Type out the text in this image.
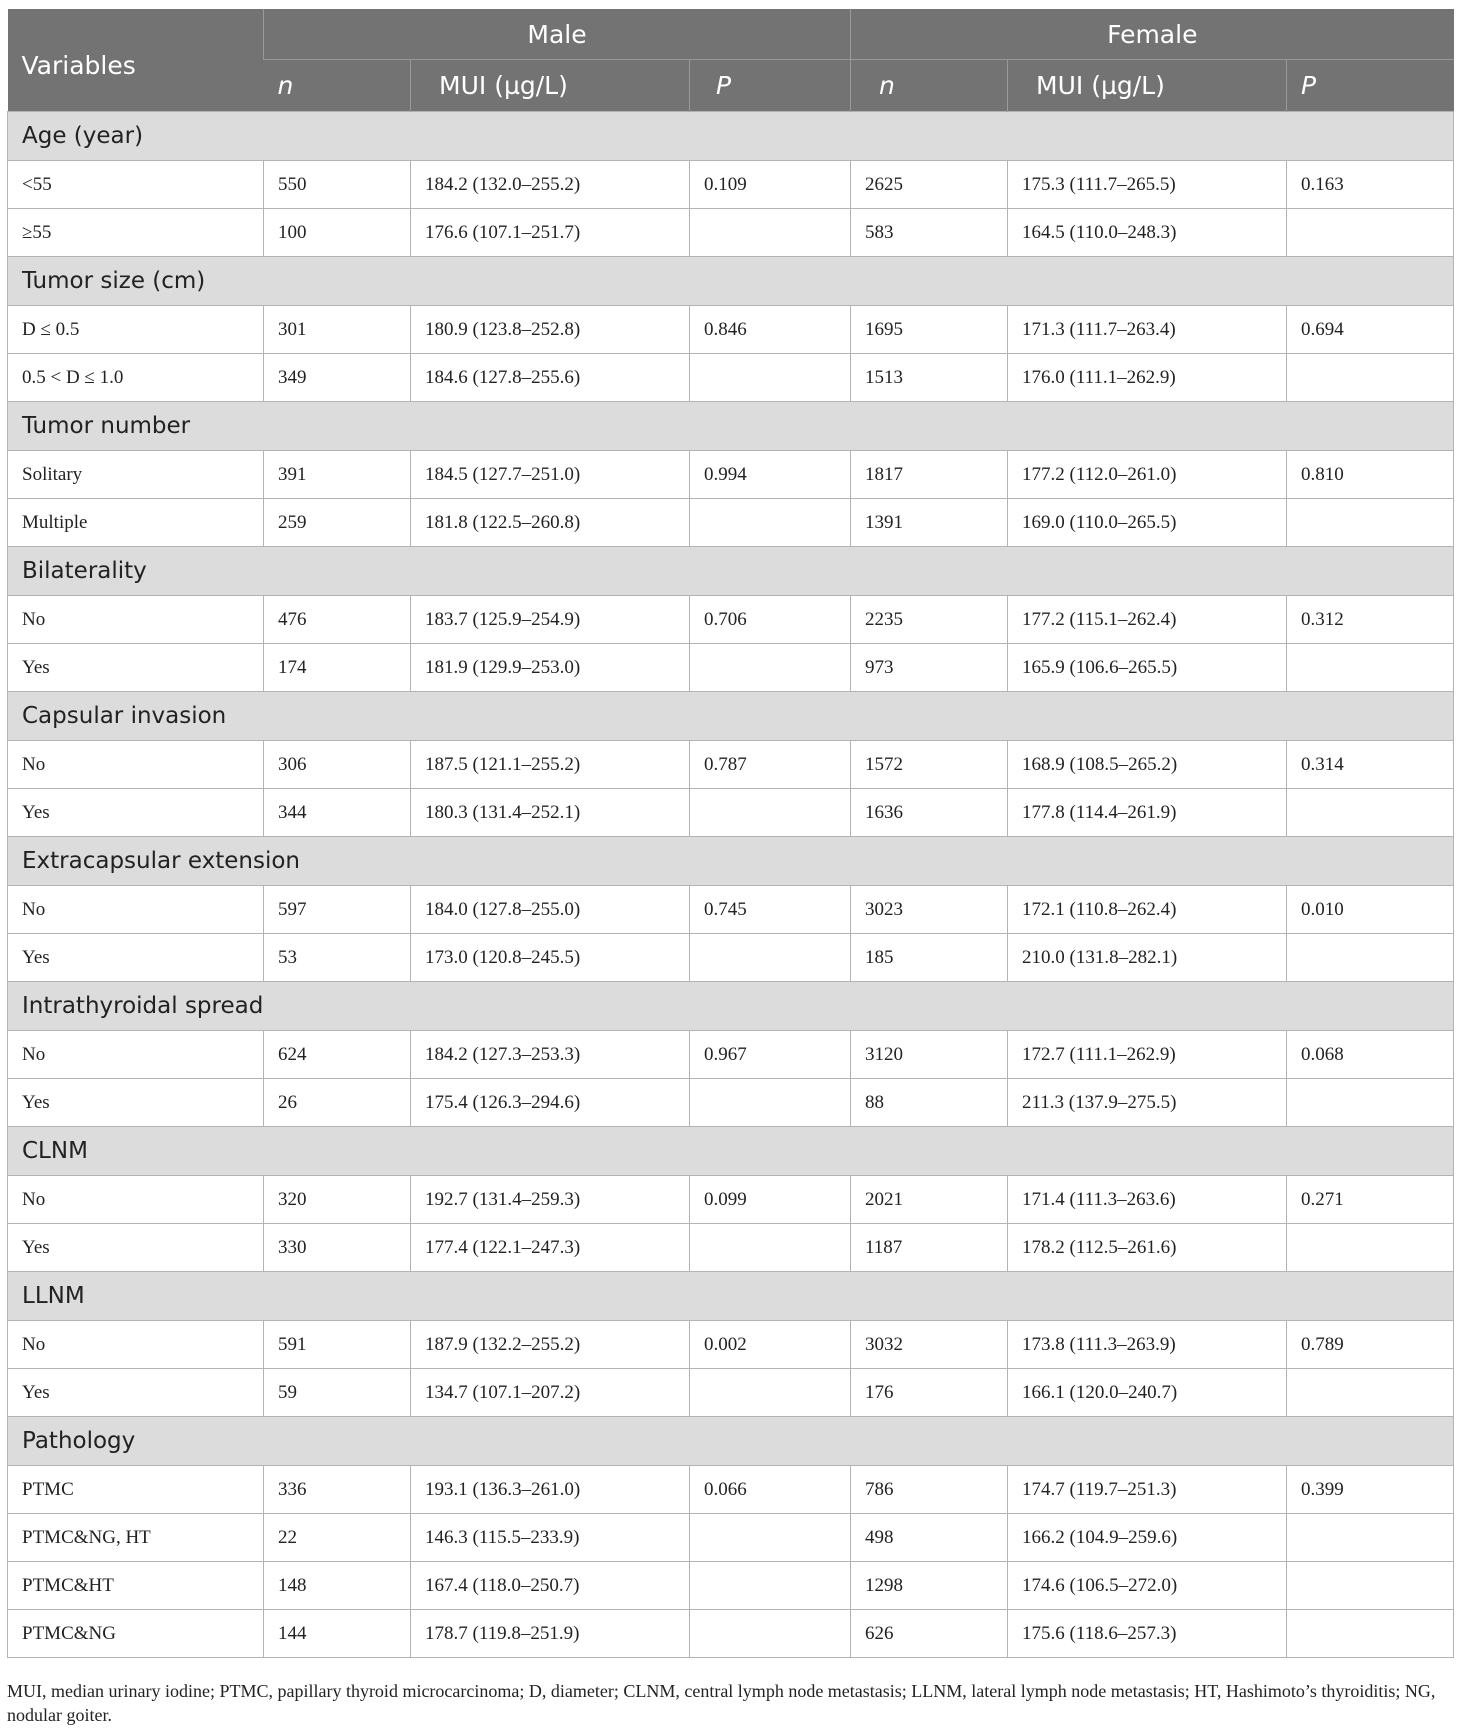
Variables	Male			Female		
	n	MUI (µg/L)	P	n	MUI (µg/L)	P
Age (year)						
<55	550	184.2 (132.0–255.2)	0.109	2625	175.3 (111.7–265.5)	0.163
≥55	100	176.6 (107.1–251.7)		583	164.5 (110.0–248.3)	
Tumor size (cm)						
D ≤ 0.5	301	180.9 (123.8–252.8)	0.846	1695	171.3 (111.7–263.4)	0.694
0.5 < D ≤ 1.0	349	184.6 (127.8–255.6)		1513	176.0 (111.1–262.9)	
Tumor number						
Solitary	391	184.5 (127.7–251.0)	0.994	1817	177.2 (112.0–261.0)	0.810
Multiple	259	181.8 (122.5–260.8)		1391	169.0 (110.0–265.5)	
Bilaterality						
No	476	183.7 (125.9–254.9)	0.706	2235	177.2 (115.1–262.4)	0.312
Yes	174	181.9 (129.9–253.0)		973	165.9 (106.6–265.5)	
Capsular invasion						
No	306	187.5 (121.1–255.2)	0.787	1572	168.9 (108.5–265.2)	0.314
Yes	344	180.3 (131.4–252.1)		1636	177.8 (114.4–261.9)	
Extracapsular extension						
No	597	184.0 (127.8–255.0)	0.745	3023	172.1 (110.8–262.4)	0.010
Yes	53	173.0 (120.8–245.5)		185	210.0 (131.8–282.1)	
Intrathyroidal spread						
No	624	184.2 (127.3–253.3)	0.967	3120	172.7 (111.1–262.9)	0.068
Yes	26	175.4 (126.3–294.6)		88	211.3 (137.9–275.5)	
CLNM						
No	320	192.7 (131.4–259.3)	0.099	2021	171.4 (111.3–263.6)	0.271
Yes	330	177.4 (122.1–247.3)		1187	178.2 (112.5–261.6)	
LLNM						
No	591	187.9 (132.2–255.2)	0.002	3032	173.8 (111.3–263.9)	0.789
Yes	59	134.7 (107.1–207.2)		176	166.1 (120.0–240.7)	
Pathology						
PTMC	336	193.1 (136.3–261.0)	0.066	786	174.7 (119.7–251.3)	0.399
PTMC&NG, HT	22	146.3 (115.5–233.9)		498	166.2 (104.9–259.6)	
PTMC&HT	148	167.4 (118.0–250.7)		1298	174.6 (106.5–272.0)	
PTMC&NG	144	178.7 (119.8–251.9)		626	175.6 (118.6–257.3)	
MUI, median urinary iodine; PTMC, papillary thyroid microcarcinoma; D, diameter; CLNM, central lymph node metastasis; LLNM, lateral lymph node metastasis; HT, Hashimoto’s thyroiditis; NG, nodular goiter.
